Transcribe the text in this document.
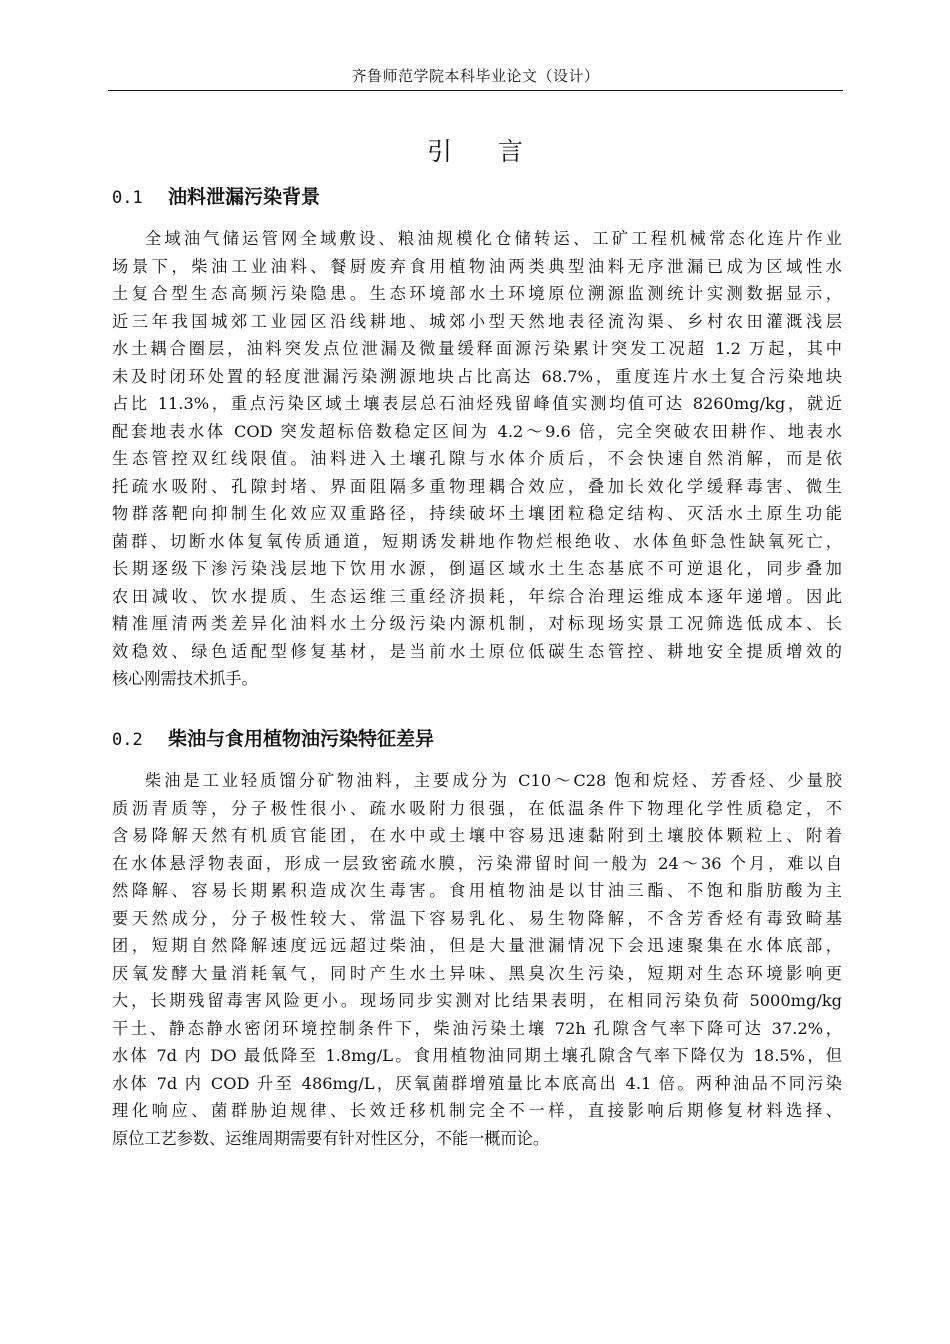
齐鲁师范学院本科毕业论文（设计）
引 言
0.1 油料泄漏污染背景
全域油气储运管网全域敷设、粮油规模化仓储转运、工矿工程机械常态化连片作业
场景下，柴油工业油料、餐厨废弃食用植物油两类典型油料无序泄漏已成为区域性水
土复合型生态高频污染隐患。生态环境部水土环境原位溯源监测统计实测数据显示，
近三年我国城郊工业园区沿线耕地、城郊小型天然地表径流沟渠、乡村农田灌溉浅层
水土耦合圈层，油料突发点位泄漏及微量缓释面源污染累计突发工况超 1.2 万起，其中
未及时闭环处置的轻度泄漏污染溯源地块占比高达 68.7%，重度连片水土复合污染地块
占比 11.3%，重点污染区域土壤表层总石油烃残留峰值实测均值可达 8260mg/kg，就近
配套地表水体 COD 突发超标倍数稳定区间为 4.2～9.6 倍，完全突破农田耕作、地表水
生态管控双红线限值。油料进入土壤孔隙与水体介质后，不会快速自然消解，而是依
托疏水吸附、孔隙封堵、界面阻隔多重物理耦合效应，叠加长效化学缓释毒害、微生
物群落靶向抑制生化效应双重路径，持续破坏土壤团粒稳定结构、灭活水土原生功能
菌群、切断水体复氧传质通道，短期诱发耕地作物烂根绝收、水体鱼虾急性缺氧死亡，
长期逐级下渗污染浅层地下饮用水源，倒逼区域水土生态基底不可逆退化，同步叠加
农田减收、饮水提质、生态运维三重经济损耗，年综合治理运维成本逐年递增。因此
精准厘清两类差异化油料水土分级污染内源机制，对标现场实景工况筛选低成本、长
效稳效、绿色适配型修复基材，是当前水土原位低碳生态管控、耕地安全提质增效的
核心刚需技术抓手。
0.2 柴油与食用植物油污染特征差异
柴油是工业轻质馏分矿物油料，主要成分为 C10～C28 饱和烷烃、芳香烃、少量胶
质沥青质等，分子极性很小、疏水吸附力很强，在低温条件下物理化学性质稳定，不
含易降解天然有机质官能团，在水中或土壤中容易迅速黏附到土壤胶体颗粒上、附着
在水体悬浮物表面，形成一层致密疏水膜，污染滞留时间一般为 24～36 个月，难以自
然降解、容易长期累积造成次生毒害。食用植物油是以甘油三酯、不饱和脂肪酸为主
要天然成分，分子极性较大、常温下容易乳化、易生物降解，不含芳香烃有毒致畸基
团，短期自然降解速度远远超过柴油，但是大量泄漏情况下会迅速聚集在水体底部，
厌氧发酵大量消耗氧气，同时产生水土异味、黑臭次生污染，短期对生态环境影响更
大，长期残留毒害风险更小。现场同步实测对比结果表明，在相同污染负荷 5000mg/kg
干土、静态静水密闭环境控制条件下，柴油污染土壤 72h 孔隙含气率下降可达 37.2%，
水体 7d 内 DO 最低降至 1.8mg/L。食用植物油同期土壤孔隙含气率下降仅为 18.5%，但
水体 7d 内 COD 升至 486mg/L，厌氧菌群增殖量比本底高出 4.1 倍。两种油品不同污染
理化响应、菌群胁迫规律、长效迁移机制完全不一样，直接影响后期修复材料选择、
原位工艺参数、运维周期需要有针对性区分，不能一概而论。
